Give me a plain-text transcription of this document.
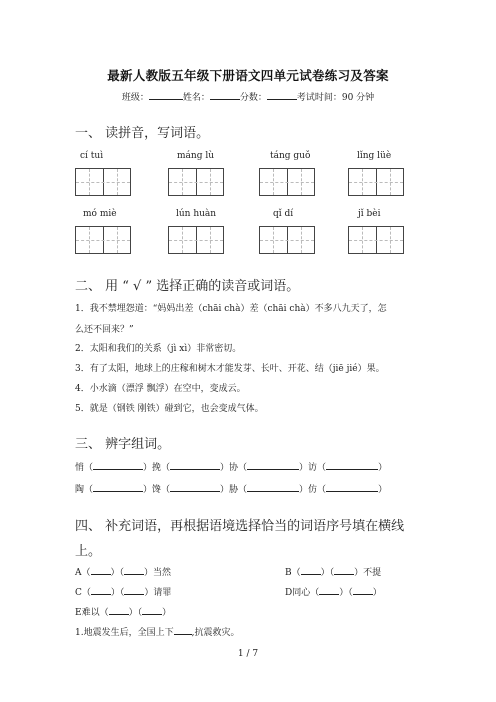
最新人教版五年级下册语文四单元试卷练习及答案
班级：	姓名：	分数：	考试时间：90 分钟
一、 读拼音，写词语。
cí tuì	máng lù	táng guǒ	lǐng lüè
mó miè	lún huàn	qǐ dí	jǐ bèi
二、 用 “ √ ” 选择正确的读音或词语。
1．我不禁埋怨道：“妈妈出差（chāi chà）差（chāi chà）不多八九天了，怎
么还不回来？”
2．太阳和我们的关系（jì xì）非常密切。
3．有了太阳，地球上的庄稼和树木才能发芽、长叶、开花、结（jiē jié）果。
4．小水滴（漂浮 飘浮）在空中，变成云。
5．就是（钢铁 刚铁）碰到它，也会变成气体。
三、 辨字组词。
悄（	）挽（	）协（	）访（	）
陶（	）馋（	）胁（	）仿（	）
四、 补充词语，再根据语境选择恰当的词语序号填在横线
上。
A（ ）（ ）当然	B（ ）（ ）不提
C（ ）（ ）请罪	D同心（ ）（ ）
E难以（ ）（ ）
1.地震发生后，全国上下 ,抗震救灾。
1 / 7
